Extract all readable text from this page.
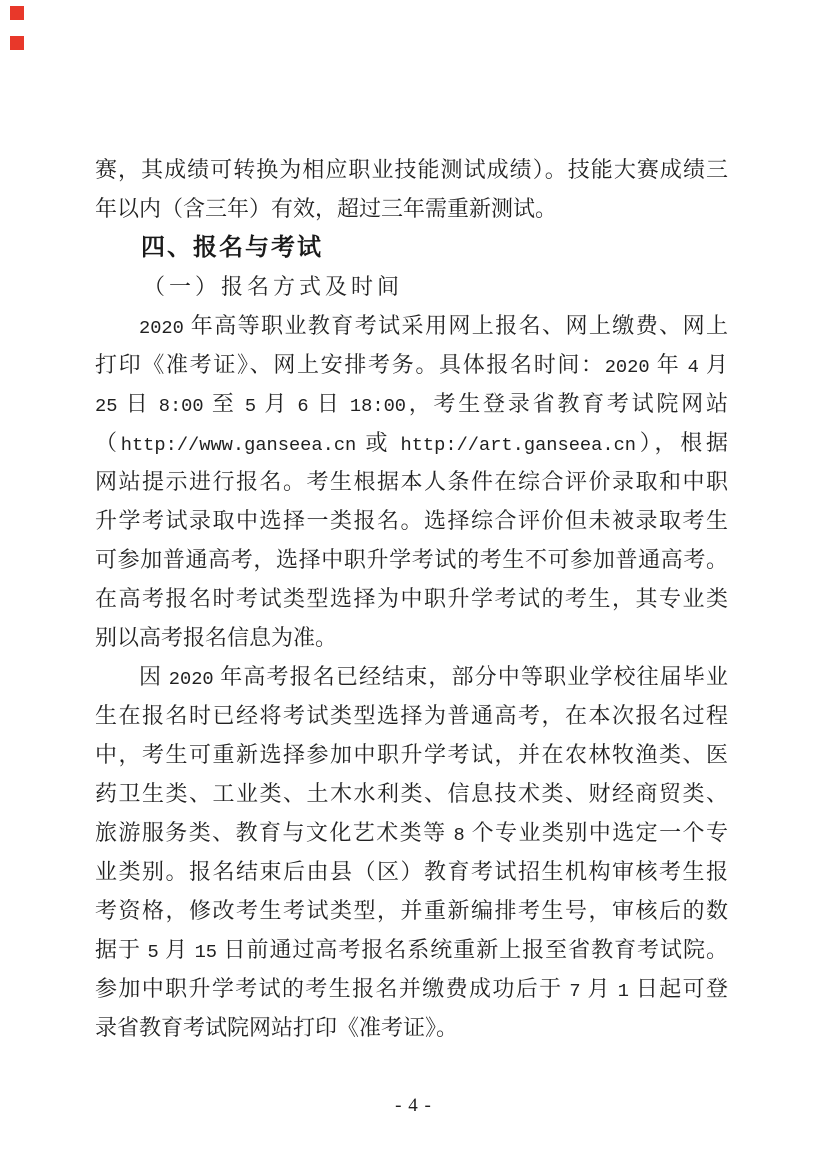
赛，其成绩可转换为相应职业技能测试成绩）。技能大赛成绩三
年以内（含三年）有效，超过三年需重新测试。

四、报名与考试
（一）报名方式及时间

2020 年高等职业教育考试采用网上报名、网上缴费、网上
打印《准考证》、网上安排考务。具体报名时间：2020 年 4 月
25 日 8:00 至 5 月 6 日 18:00，考生登录省教育考试院网站
（http://www.ganseea.cn 或 http://art.ganseea.cn），根据
网站提示进行报名。考生根据本人条件在综合评价录取和中职
升学考试录取中选择一类报名。选择综合评价但未被录取考生
可参加普通高考，选择中职升学考试的考生不可参加普通高考。
在高考报名时考试类型选择为中职升学考试的考生，其专业类
别以高考报名信息为准。

因 2020 年高考报名已经结束，部分中等职业学校往届毕业
生在报名时已经将考试类型选择为普通高考，在本次报名过程
中，考生可重新选择参加中职升学考试，并在农林牧渔类、医
药卫生类、工业类、土木水利类、信息技术类、财经商贸类、
旅游服务类、教育与文化艺术类等 8 个专业类别中选定一个专
业类别。报名结束后由县（区）教育考试招生机构审核考生报
考资格，修改考生考试类型，并重新编排考生号，审核后的数
据于 5 月 15 日前通过高考报名系统重新上报至省教育考试院。
参加中职升学考试的考生报名并缴费成功后于 7 月 1 日起可登
录省教育考试院网站打印《准考证》。

- 4 -
